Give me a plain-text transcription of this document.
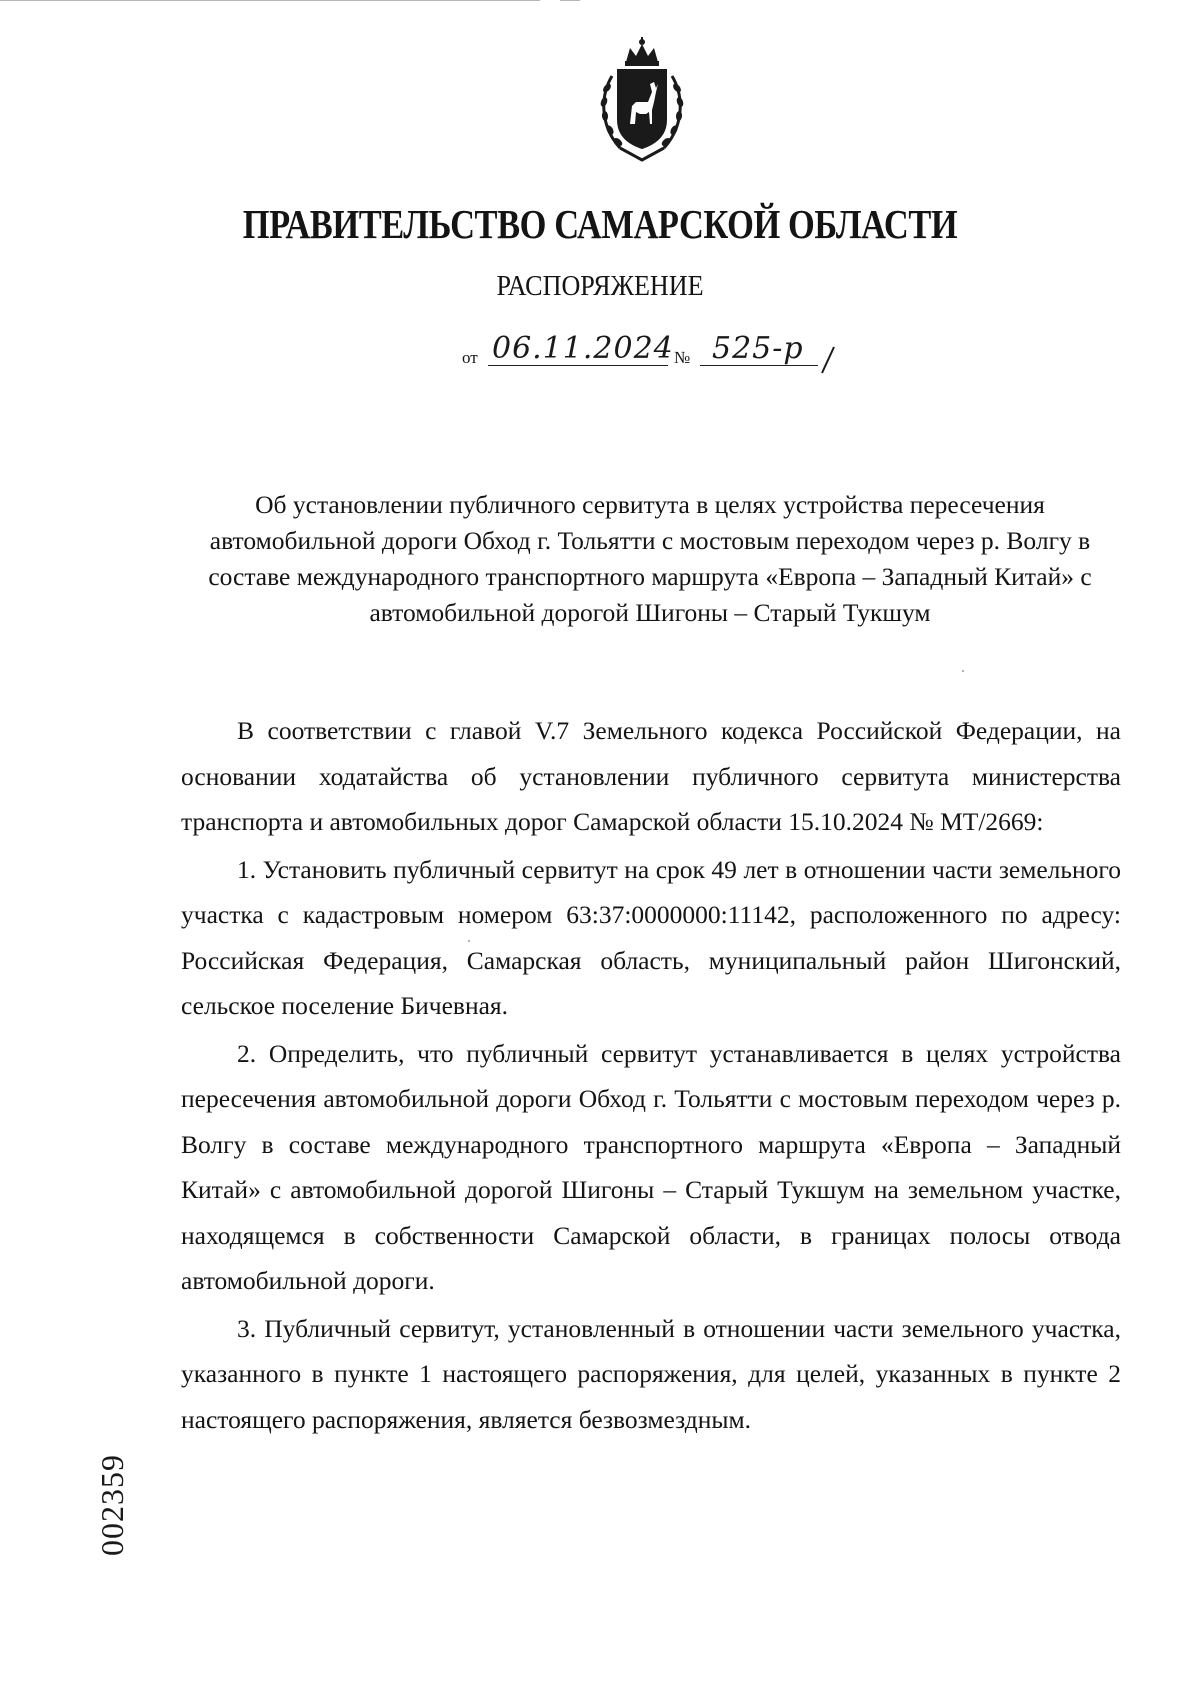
ПРАВИТЕЛЬСТВО САМАРСКОЙ ОБЛАСТИ
РАСПОРЯЖЕНИЕ
от 06.11.2024 № 525-р
Об установлении публичного сервитута в целях устройства пересечения автомобильной дороги Обход г. Тольятти с мостовым переходом через р. Волгу в составе международного транспортного маршрута «Европа – Западный Китай» с автомобильной дорогой Шигоны – Старый Тукшум

В соответствии с главой V.7 Земельного кодекса Российской Федерации, на основании ходатайства об установлении публичного сервитута министерства транспорта и автомобильных дорог Самарской области 15.10.2024 № МТ/2669:

1. Установить публичный сервитут на срок 49 лет в отношении части земельного участка с кадастровым номером 63:37:0000000:11142, расположенного по адресу: Российская Федерация, Самарская область, муниципальный район Шигонский, сельское поселение Бичевная.

2. Определить, что публичный сервитут устанавливается в целях устройства пересечения автомобильной дороги Обход г. Тольятти с мостовым переходом через р. Волгу в составе международного транспортного маршрута «Европа – Западный Китай» с автомобильной дорогой Шигоны – Старый Тукшум на земельном участке, находящемся в собственности Самарской области, в границах полосы отвода автомобильной дороги.

3. Публичный сервитут, установленный в отношении части земельного участка, указанного в пункте 1 настоящего распоряжения, для целей, указанных в пункте 2 настоящего распоряжения, является безвозмездным.

002359
